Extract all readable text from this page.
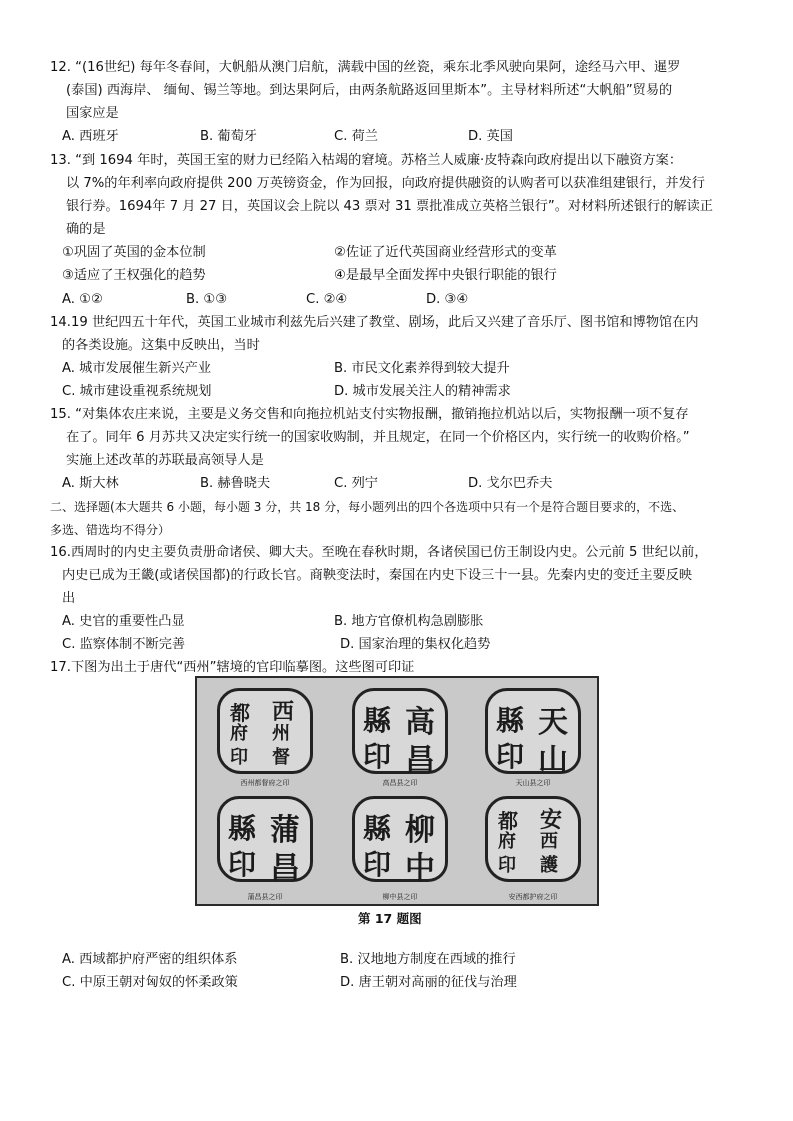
12. “(16世纪) 每年冬春间，大帆船从澳门启航，满载中国的丝瓷，乘东北季风驶向果阿，途经马六甲、暹罗
(泰国) 西海岸、 缅甸、锡兰等地。到达果阿后，由两条航路返回里斯本”。主导材料所述“大帆船”贸易的
国家应是
A. 西班牙	B. 葡萄牙	C. 荷兰	D. 英国
13. “到 1694 年时，英国王室的财力已经陷入枯竭的窘境。苏格兰人威廉·皮特森向政府提出以下融资方案：
以 7%的年利率向政府提供 200 万英镑资金，作为回报，向政府提供融资的认购者可以获准组建银行，并发行
银行券。1694年 7 月 27 日，英国议会上院以 43 票对 31 票批准成立英格兰银行”。对材料所述银行的解读正
确的是
①巩固了英国的金本位制	②佐证了近代英国商业经营形式的变革
③适应了王权强化的趋势	④是最早全面发挥中央银行职能的银行
A. ①②	B. ①③	C. ②④	D. ③④
14.19 世纪四五十年代，英国工业城市利兹先后兴建了教堂、剧场，此后又兴建了音乐厅、图书馆和博物馆在内
的各类设施。这集中反映出，当时
A. 城市发展催生新兴产业	B. 市民文化素养得到较大提升
C. 城市建设重视系统规划	D. 城市发展关注人的精神需求
15. “对集体农庄来说，主要是义务交售和向拖拉机站支付实物报酬，撤销拖拉机站以后，实物报酬一项不复存
在了。同年 6 月苏共又决定实行统一的国家收购制，并且规定，在同一个价格区内，实行统一的收购价格。”
实施上述改革的苏联最高领导人是
A. 斯大林	B. 赫鲁晓夫	C. 列宁	D. 戈尔巴乔夫
二、选择题(本大题共 6 小题，每小题 3 分，共 18 分，每小题列出的四个各选项中只有一个是符合题目要求的，不选、
多选、错选均不得分）
16.西周时的内史主要负责册命诸侯、卿大夫。至晚在春秋时期，各诸侯国已仿王制设内史。公元前 5 世纪以前，
内史已成为王畿(或诸侯国都)的行政长官。商鞅变法时，秦国在内史下设三十一县。先秦内史的变迁主要反映
出
A. 史官的重要性凸显	B. 地方官僚机构急剧膨胀
C. 监察体制不断完善	D. 国家治理的集权化趋势
17.下图为出土于唐代“西州”辖境的官印临摹图。这些图可印证
西
州
督
都
府
印
西州都督府之印
高
昌
縣
印
高昌县之印
天
山
縣
印
天山县之印
蒲
昌
縣
印
蒲昌县之印
柳
中
縣
印
柳中县之印
安
西
護
都
府
印
安西都护府之印
第 17 题图
A. 西域都护府严密的组织体系	B. 汉地地方制度在西域的推行
C. 中原王朝对匈奴的怀柔政策	D. 唐王朝对高丽的征伐与治理
